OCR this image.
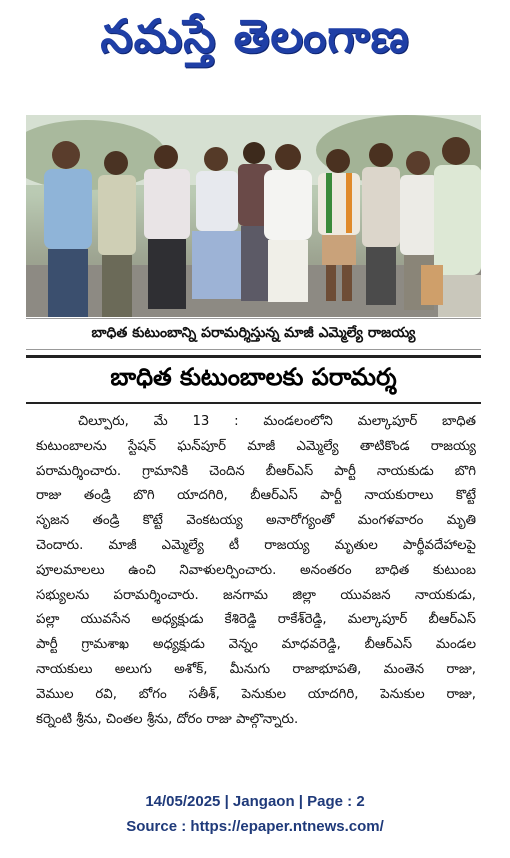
నమస్తే తెలంగాణ
బాధిత కుటుంబాన్ని పరామర్శిస్తున్న మాజీ ఎమ్మెల్యే రాజయ్య
బాధిత కుటుంబాలకు పరామర్శ
చిల్పూరు, మే 13 : మండలంలోని మల్కాపూర్ బాధిత
కుటుంబాలను స్టేషన్ ఘన్‌పూర్ మాజీ ఎమ్మెల్యే తాటికొండ రాజయ్య
పరామర్శించారు. గ్రామానికి చెందిన బీఆర్ఎస్ పార్టీ నాయకుడు బొగి
రాజు తండ్రి బొగి యాదగిరి, బీఆర్ఎస్ పార్టీ నాయకురాలు కొట్టే
సృజన తండ్రి కొట్టే వెంకటయ్య అనారోగ్యంతో మంగళవారం మృతి
చెందారు. మాజీ ఎమ్మెల్యే టీ రాజయ్య మృతుల పార్థీవదేహాలపై
పూలమాలలు ఉంచి నివాళులర్పించారు. అనంతరం బాధిత కుటుంబ
సభ్యులను పరామర్శించారు. జనగామ జిల్లా యువజన నాయకుడు,
పల్లా యువసేన అధ్యక్షుడు కేశిరెడ్డి రాకేశ్‌రెడ్డి, మల్కాపూర్ బీఆర్ఎస్
పార్టీ గ్రామశాఖ అధ్యక్షుడు వెన్నం మాధవరెడ్డి, బీఆర్ఎస్ మండల
నాయకులు అలుగు అశోక్, మీనుగు రాజాభూపతి, మంతెన రాజు,
వెముల రవి, బోగం సతీశ్, పెనుకుల యాదగిరి, పెనుకుల రాజు,
కర్నెంటి శ్రీను, చింతల శ్రీను, దోరం రాజు పాల్గొన్నారు.
14/05/2025 | Jangaon | Page : 2
Source : https://epaper.ntnews.com/
